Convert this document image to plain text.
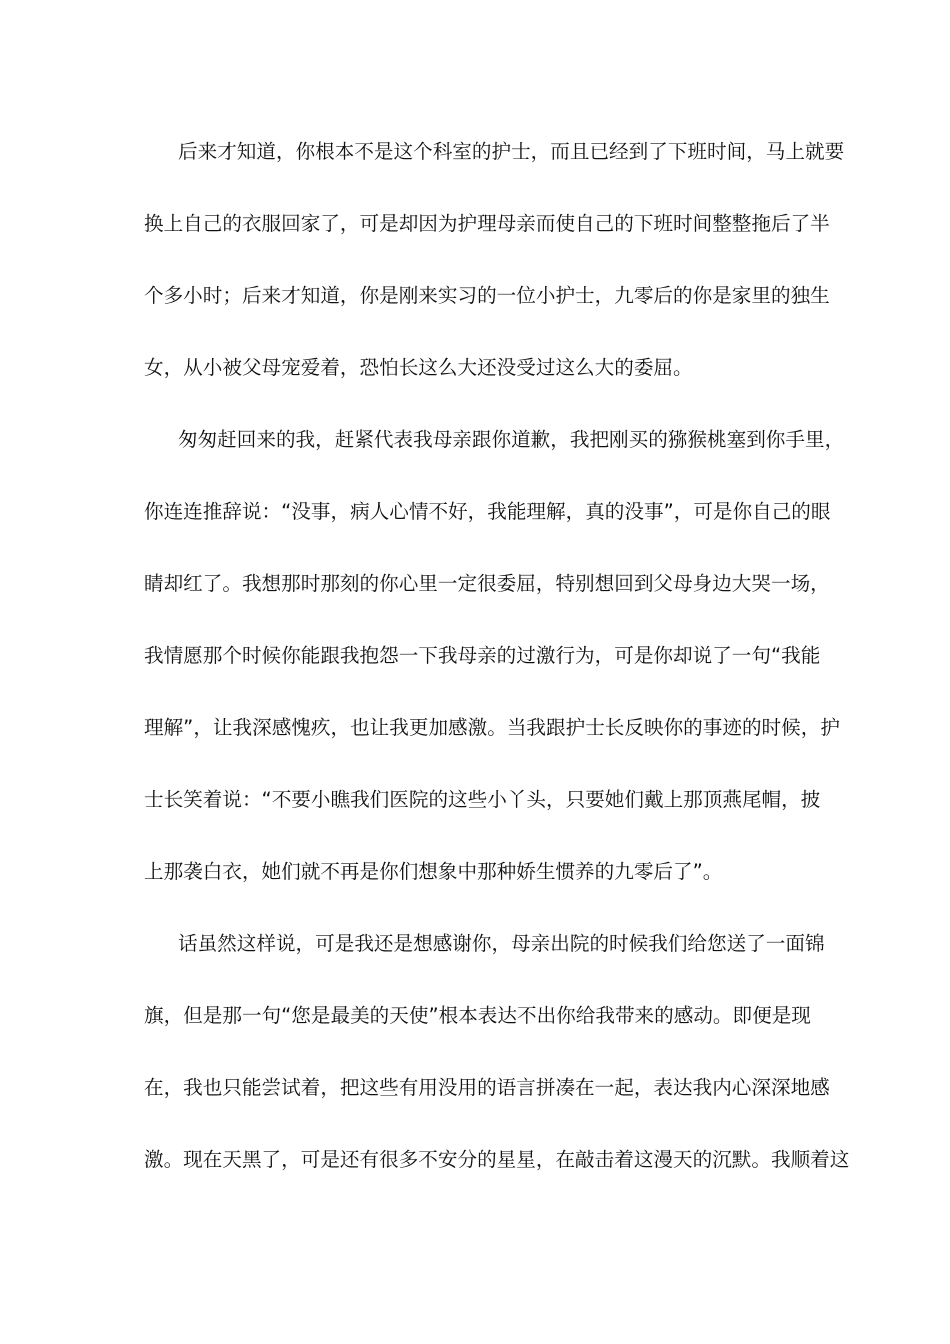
后来才知道，你根本不是这个科室的护士，而且已经到了下班时间，马上就要
换上自己的衣服回家了，可是却因为护理母亲而使自己的下班时间整整拖后了半
个多小时；后来才知道，你是刚来实习的一位小护士，九零后的你是家里的独生
女，从小被父母宠爱着，恐怕长这么大还没受过这么大的委屈。
匆匆赶回来的我，赶紧代表我母亲跟你道歉，我把刚买的猕猴桃塞到你手里，
你连连推辞说：“没事，病人心情不好，我能理解，真的没事”，可是你自己的眼
睛却红了。我想那时那刻的你心里一定很委屈，特别想回到父母身边大哭一场，
我情愿那个时候你能跟我抱怨一下我母亲的过激行为，可是你却说了一句“我能
理解”，让我深感愧疚，也让我更加感激。当我跟护士长反映你的事迹的时候，护
士长笑着说：“不要小瞧我们医院的这些小丫头，只要她们戴上那顶燕尾帽，披
上那袭白衣，她们就不再是你们想象中那种娇生惯养的九零后了”。
话虽然这样说，可是我还是想感谢你，母亲出院的时候我们给您送了一面锦
旗，但是那一句“您是最美的天使”根本表达不出你给我带来的感动。即便是现
在，我也只能尝试着，把这些有用没用的语言拼凑在一起，表达我内心深深地感
激。现在天黑了，可是还有很多不安分的星星，在敲击着这漫天的沉默。我顺着这
